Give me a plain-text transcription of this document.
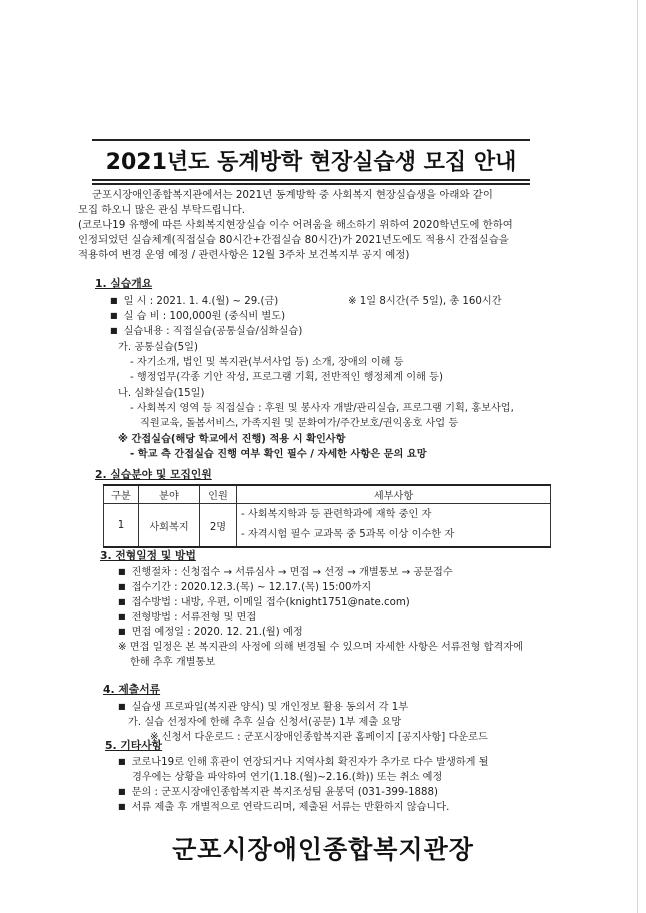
2021년도 동계방학 현장실습생 모집 안내
군포시장애인종합복지관에서는 2021년 동계방학 중 사회복지 현장실습생을 아래와 같이
모집 하오니 많은 관심 부탁드립니다.
(코로나19 유행에 따른 사회복지현장실습 이수 어려움을 해소하기 위하여 2020학년도에 한하여
인정되었던 실습체계(직접실습 80시간+간접실습 80시간)가 2021년도에도 적용시 간접실습을
적용하여 변경 운영 예정 / 관련사항은 12월 3주차 보건복지부 공지 예정)
1. 실습개요
■ 일 시 : 2021. 1. 4.(월) ~ 29.(금)	※ 1일 8시간(주 5일), 총 160시간
■ 실 습 비 : 100,000원 (중식비 별도)
■ 실습내용 : 직접실습(공통실습/심화실습)
가. 공통실습(5일)
- 자기소개, 법인 및 복지관(부서사업 등) 소개, 장애의 이해 등
- 행정업무(각종 기안 작성, 프로그램 기획, 전반적인 행정체계 이해 등)
나. 심화실습(15일)
- 사회복지 영역 등 직접실습 : 후원 및 봉사자 개발/관리실습, 프로그램 기획, 홍보사업,
직원교육, 돌봄서비스, 가족지원 및 문화여가/주간보호/권익옹호 사업 등
※ 간접실습(해당 학교에서 진행) 적용 시 확인사항
- 학교 측 간접실습 진행 여부 확인 필수 / 자세한 사항은 문의 요망
2. 실습분야 및 모집인원
구분	분야	인원	세부사항
1	사회복지	2명	- 사회복지학과 등 관련학과에 재학 중인 자
- 자격시험 필수 교과목 중 5과목 이상 이수한 자
3. 전형일정 및 방법
■ 진행절차 : 신청접수 → 서류심사 → 면접 → 선정 → 개별통보 → 공문접수
■ 접수기간 : 2020.12.3.(목) ~ 12.17.(목) 15:00까지
■ 접수방법 : 내방, 우편, 이메일 접수(knight1751@nate.com)
■ 전형방법 : 서류전형 및 면접
■ 면접 예정일 : 2020. 12. 21.(월) 예정
※ 면접 일정은 본 복지관의 사정에 의해 변경될 수 있으며 자세한 사항은 서류전형 합격자에
한해 추후 개별통보
4. 제출서류
■ 실습생 프로파일(복지관 양식) 및 개인정보 활용 동의서 각 1부
가. 실습 선정자에 한해 추후 실습 신청서(공문) 1부 제출 요망
※ 신청서 다운로드 : 군포시장애인종합복지관 홈페이지 [공지사항] 다운로드
5. 기타사항
■ 코로나19로 인해 휴관이 연장되거나 지역사회 확진자가 추가로 다수 발생하게 될
경우에는 상황을 파악하여 연기(1.18.(월)~2.16.(화)) 또는 취소 예정
■ 문의 : 군포시장애인종합복지관 복지조성팀 윤봉덕 (031-399-1888)
■ 서류 제출 후 개별적으로 연락드리며, 제출된 서류는 반환하지 않습니다.
군포시장애인종합복지관장
